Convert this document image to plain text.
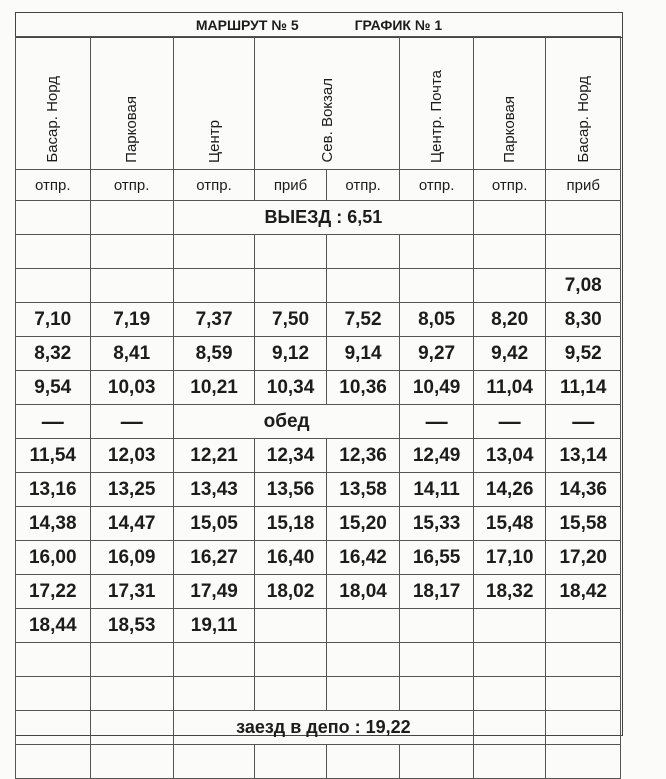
МАРШРУТ № 5	ГРАФИК № 1
Басар. Норд	Парковая	Центр	Сев. Вокзал		Центр. Почта	Парковая	Басар. Норд
отпр.	отпр.	отпр.	приб	отпр.	отпр.	отпр.	приб
		ВЫЕЗД : 6,51					

							7,08
7,10	7,19	7,37	7,50	7,52	8,05	8,20	8,30
8,32	8,41	8,59	9,12	9,14	9,27	9,42	9,52
9,54	10,03	10,21	10,34	10,36	10,49	11,04	11,14
—	—	обед			—	—	—
11,54	12,03	12,21	12,34	12,36	12,49	13,04	13,14
13,16	13,25	13,43	13,56	13,58	14,11	14,26	14,36
14,38	14,47	15,05	15,18	15,20	15,33	15,48	15,58
16,00	16,09	16,27	16,40	16,42	16,55	17,10	17,20
17,22	17,31	17,49	18,02	18,04	18,17	18,32	18,42
18,44	18,53	19,11					

		заезд в депо : 19,22					
